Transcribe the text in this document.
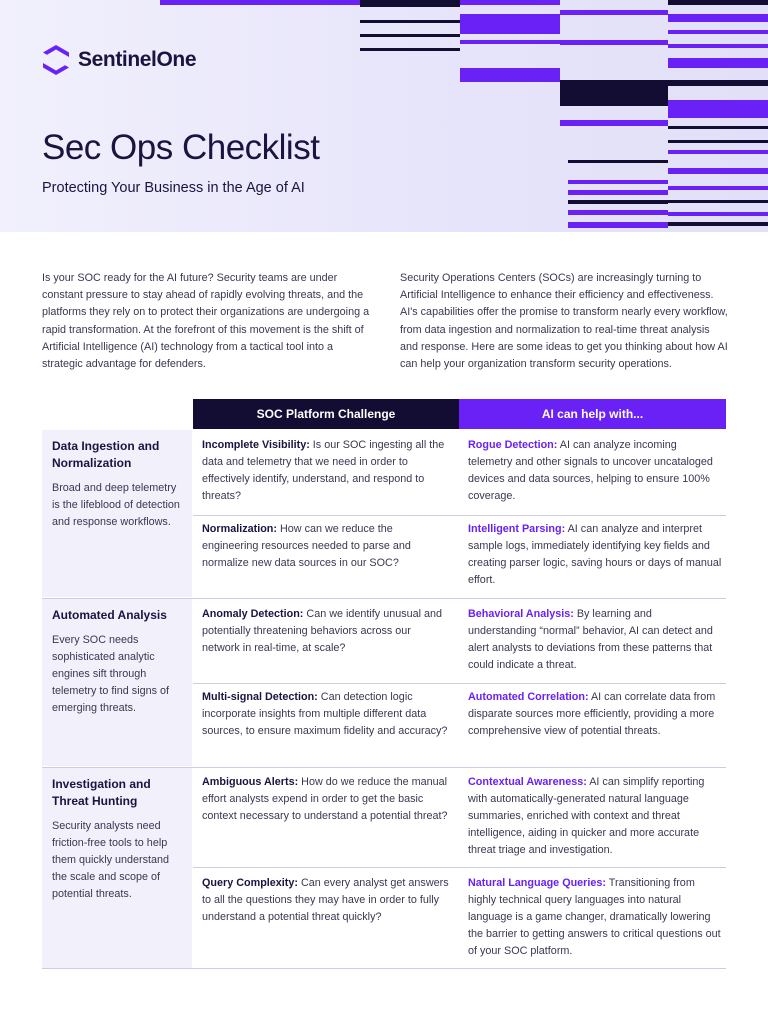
SentinelOne
Sec Ops Checklist
Protecting Your Business in the Age of AI

Is your SOC ready for the AI future? Security teams are under constant pressure to stay ahead of rapidly evolving threats, and the platforms they rely on to protect their organizations are undergoing a rapid transformation. At the forefront of this movement is the shift of Artificial Intelligence (AI) technology from a tactical tool into a strategic advantage for defenders.

Security Operations Centers (SOCs) are increasingly turning to Artificial Intelligence to enhance their efficiency and effectiveness. AI's capabilities offer the promise to transform nearly every workflow, from data ingestion and normalization to real-time threat analysis and response. Here are some ideas to get you thinking about how AI can help your organization transform security operations.

SOC Platform Challenge	AI can help with...
Data Ingestion and Normalization
Broad and deep telemetry is the lifeblood of detection and response workflows.
Incomplete Visibility: Is our SOC ingesting all the data and telemetry that we need in order to effectively identify, understand, and respond to threats?
Rogue Detection: AI can analyze incoming telemetry and other signals to uncover uncataloged devices and data sources, helping to ensure 100% coverage.
Normalization: How can we reduce the engineering resources needed to parse and normalize new data sources in our SOC?
Intelligent Parsing: AI can analyze and interpret sample logs, immediately identifying key fields and creating parser logic, saving hours or days of manual effort.
Automated Analysis
Every SOC needs sophisticated analytic engines sift through telemetry to find signs of emerging threats.
Anomaly Detection: Can we identify unusual and potentially threatening behaviors across our network in real-time, at scale?
Behavioral Analysis: By learning and understanding “normal” behavior, AI can detect and alert analysts to deviations from these patterns that could indicate a threat.
Multi-signal Detection: Can detection logic incorporate insights from multiple different data sources, to ensure maximum fidelity and accuracy?
Automated Correlation: AI can correlate data from disparate sources more efficiently, providing a more comprehensive view of potential threats.
Investigation and Threat Hunting
Security analysts need friction-free tools to help them quickly understand the scale and scope of potential threats.
Ambiguous Alerts: How do we reduce the manual effort analysts expend in order to get the basic context necessary to understand a potential threat?
Contextual Awareness: AI can simplify reporting with automatically-generated natural language summaries, enriched with context and threat intelligence, aiding in quicker and more accurate threat triage and investigation.
Query Complexity: Can every analyst get answers to all the questions they may have in order to fully understand a potential threat quickly?
Natural Language Queries: Transitioning from highly technical query languages into natural language is a game changer, dramatically lowering the barrier to getting answers to critical questions out of your SOC platform.
